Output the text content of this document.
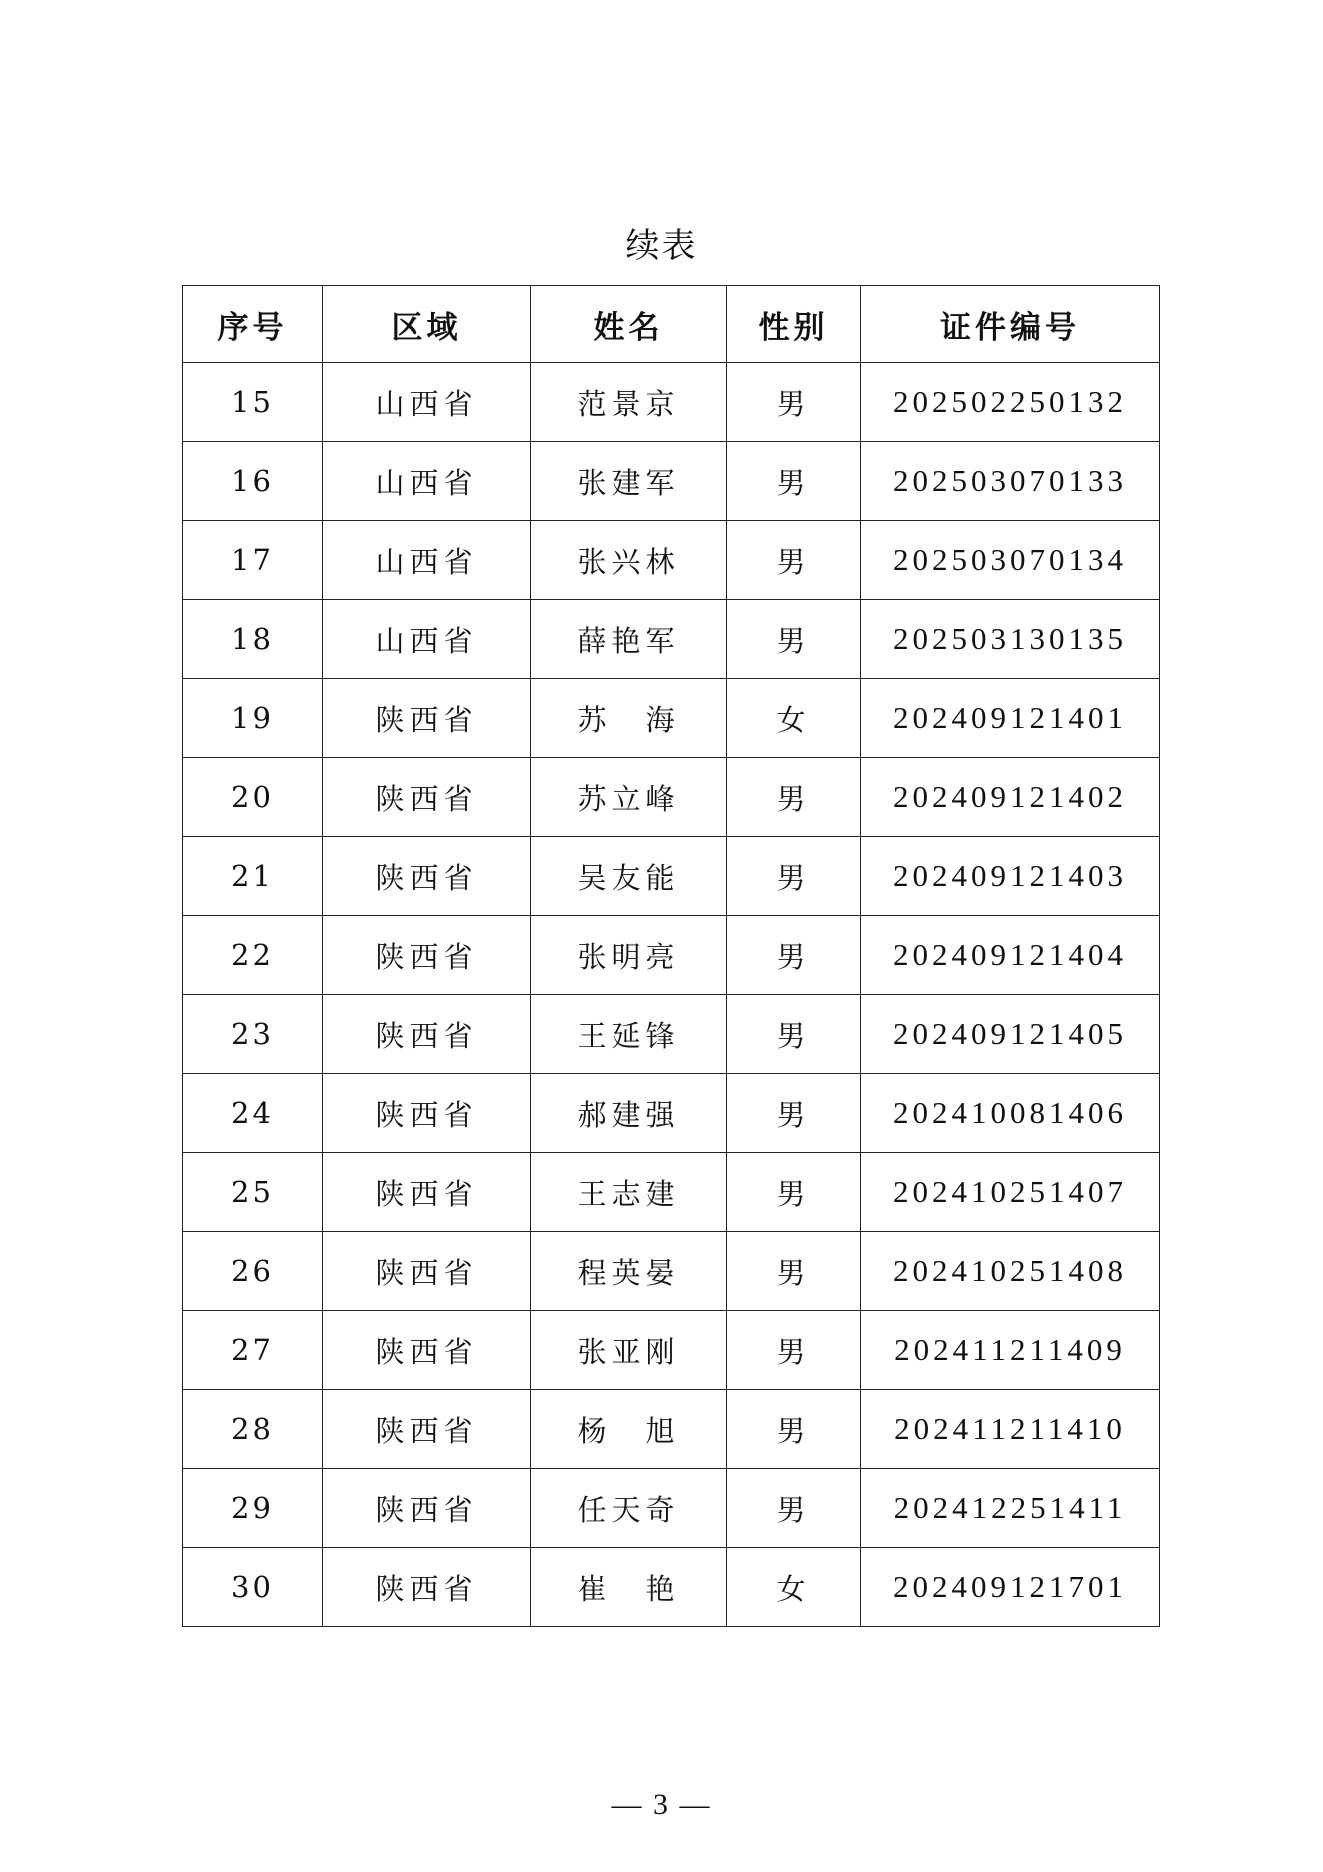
续表
序号	区域	姓名	性别	证件编号
15	山西省	范景京	男	202502250132
16	山西省	张建军	男	202503070133
17	山西省	张兴林	男	202503070134
18	山西省	薛艳军	男	202503130135
19	陕西省	苏　海	女	202409121401
20	陕西省	苏立峰	男	202409121402
21	陕西省	吴友能	男	202409121403
22	陕西省	张明亮	男	202409121404
23	陕西省	王延锋	男	202409121405
24	陕西省	郝建强	男	202410081406
25	陕西省	王志建	男	202410251407
26	陕西省	程英晏	男	202410251408
27	陕西省	张亚刚	男	202411211409
28	陕西省	杨　旭	男	202411211410
29	陕西省	任天奇	男	202412251411
30	陕西省	崔　艳	女	202409121701
— 3 —
